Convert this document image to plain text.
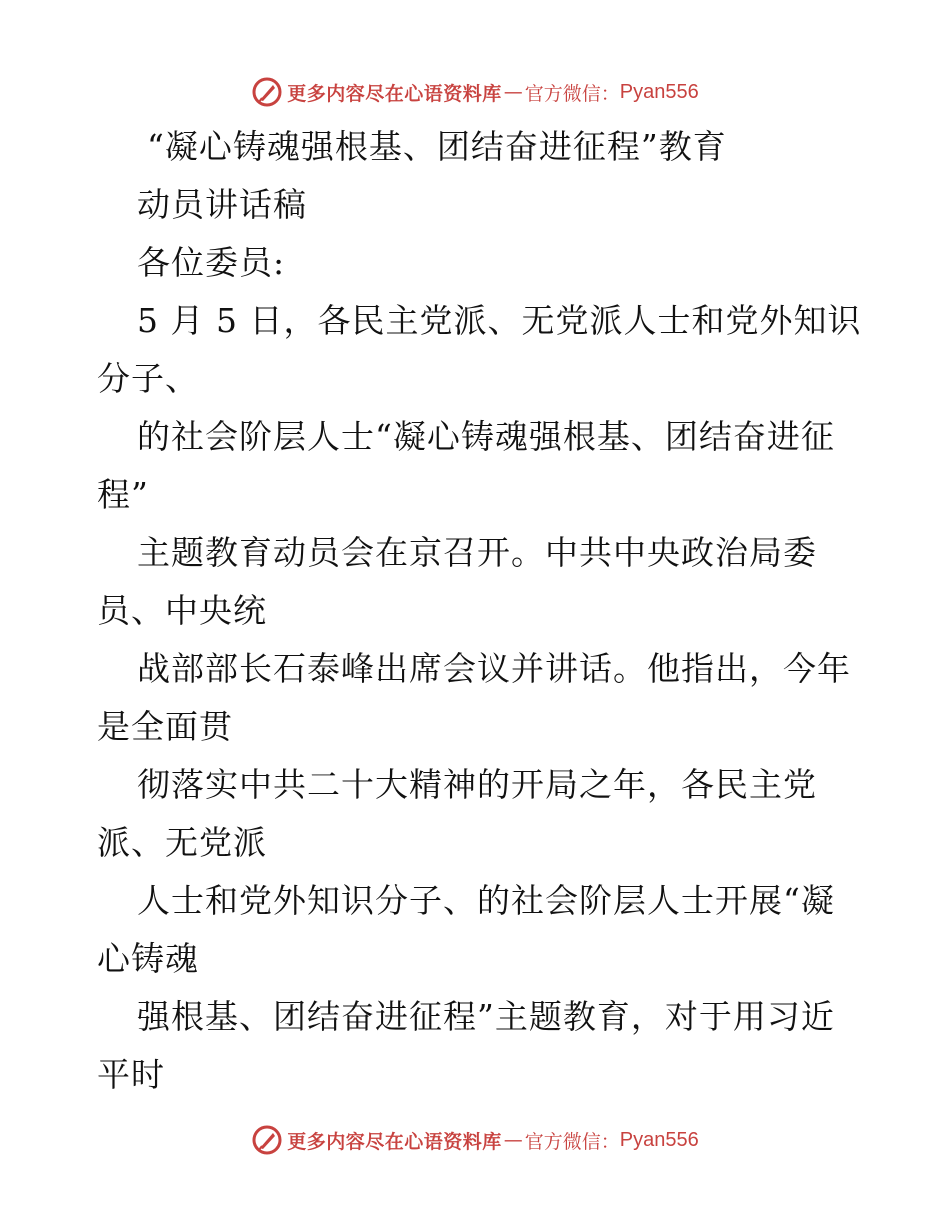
更多内容尽在心语资料库 — 官方微信： Pyan556
“凝心铸魂强根基、团结奋进征程”教育
动员讲话稿
各位委员:
5 月 5 日，各民主党派、无党派人士和党外知识
分子、
的社会阶层人士“凝心铸魂强根基、团结奋进征
程”
主题教育动员会在京召开。中共中央政治局委
员、中央统
战部部长石泰峰出席会议并讲话。他指出，今年
是全面贯
彻落实中共二十大精神的开局之年，各民主党
派、无党派
人士和党外知识分子、的社会阶层人士开展“凝
心铸魂
强根基、团结奋进征程”主题教育，对于用习近
平时
更多内容尽在心语资料库 — 官方微信： Pyan556
